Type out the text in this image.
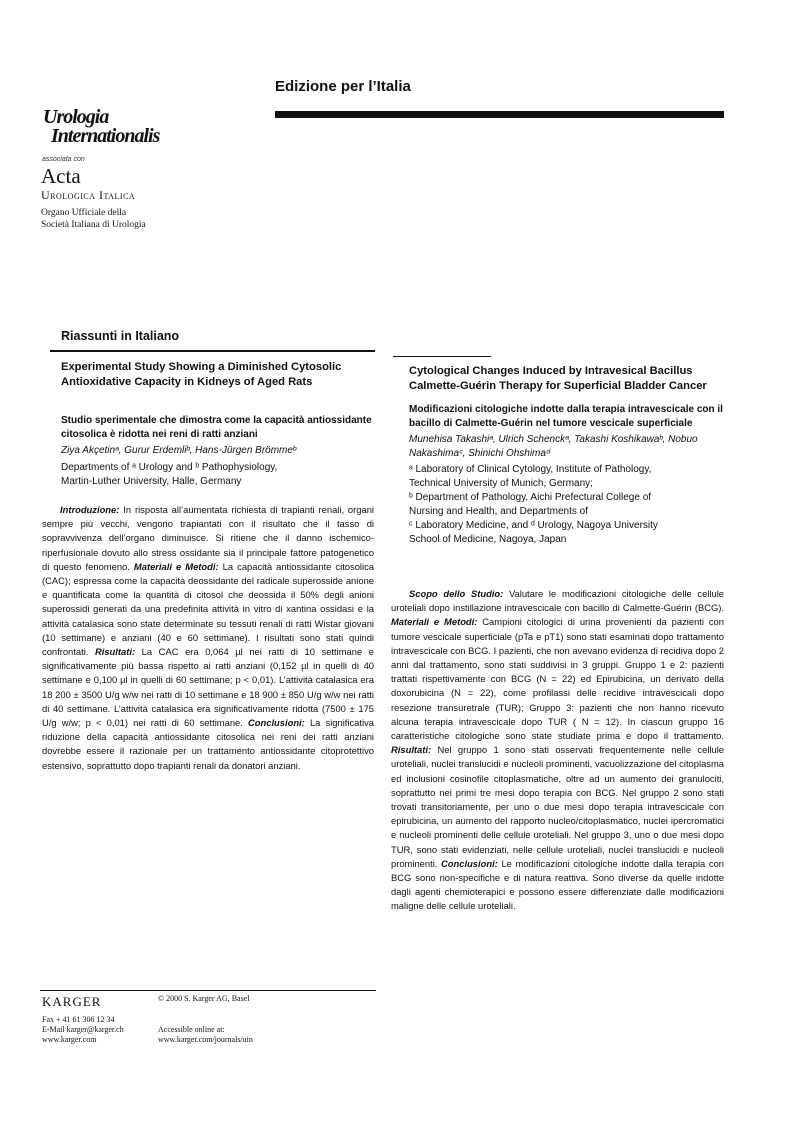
Edizione per l’Italia
Urologia
Internationalis
associata con
Acta
Urologica Italica
Organo Ufficiale della
Società Italiana di Urologia
Riassunti in Italiano
Experimental Study Showing a Diminished Cytosolic Antioxidative Capacity in Kidneys of Aged Rats
Studio sperimentale che dimostra come la capacità antiossidante citosolica è ridotta nei reni di ratti anziani
Ziya Akçetinᵃ, Gurur Erdemliᵇ, Hans-Jürgen Brömmeᵇ
Departments of ᵃ Urology and ᵇ Pathophysiology,
Martin-Luther University, Halle, Germany
Introduzione: In risposta all’aumentata richiesta di trapianti renali, organi sempre più vecchi, vengono trapiantati con il risultato che il tasso di sopravvivenza dell’organo diminuisce. Si ritiene che il danno ischemico-riperfusionale dovuto allo stress ossidante sia il principale fattore patogenetico di questo fenomeno. Materiali e Metodi: La capacità antiossidante citosolica (CAC); espressa come la capacità deossidante del radicale superosside anione e quantificata come la quantità di citosol che deossida il 50% degli anioni superossidi generati da una predefinita attività in vitro di xantina ossidasi e la attività catalasica sono state determinate su tessuti renali di ratti Wistar giovani (10 settimane) e anziani (40 e 60 settimane). I risultati sono stati quindi confrontati. Risultati: La CAC era 0,064 µl nei ratti di 10 settimane e significativamente più bassa rispetto ai ratti anziani (0,152 µl in quelli di 40 settimane e 0,100 µl in quelli di 60 settimane; p < 0,01). L’attività catalasica era 18 200 ± 3500 U/g w/w nei ratti di 10 settimane e 18 900 ± 850 U/g w/w nei ratti di 40 settimane. L’attività catalasica era significativamente ridotta (7500 ± 175 U/g w/w; p < 0,01) nei ratti di 60 settimane. Conclusioni: La significativa riduzione della capacità antiossidante citosolica nei reni dei ratti anziani dovrebbe essere il razionale per un trattamento antiossidante citoprotettivo estensivo, soprattutto dopo trapianti renali da donatori anziani.
Cytological Changes Induced by Intravesical Bacillus Calmette-Guérin Therapy for Superficial Bladder Cancer
Modificazioni citologiche indotte dalla terapia intravescicale con il bacillo di Calmette-Guérin nel tumore vescicale superficiale
Munehisa Takashiᵃ, Ulrich Schenckᵃ, Takashi Koshikawaᵇ, Nobuo Nakashimaᶜ, Shinichi Ohshimaᵈ
ᵃ Laboratory of Clinical Cytology, Institute of Pathology,
Technical University of Munich, Germany;
ᵇ Department of Pathology, Aichi Prefectural College of
Nursing and Health, and Departments of
ᶜ Laboratory Medicine, and ᵈ Urology, Nagoya University
School of Medicine, Nagoya, Japan
Scopo dello Studio: Valutare le modificazioni citologiche delle cellule uroteliali dopo instillazione intravescicale con bacillo di Calmette-Guérin (BCG). Materiali e Metodi: Campioni citologici di urina provenienti da pazienti con tumore vescicale superficiale (pTa e pT1) sono stati esaminati dopo trattamento intravescicale con BCG. I pazienti, che non avevano evidenza di recidiva dopo 2 anni dal trattamento, sono stati suddivisi in 3 gruppi. Gruppo 1 e 2: pazienti trattati rispettivamente con BCG (N = 22) ed Epirubicina, un derivato della doxorubicina (N = 22), come profilassi delle recidive intravescicali dopo resezione transuretrale (TUR); Gruppo 3: pazienti che non hanno ricevuto alcuna terapia intravescicale dopo TUR ( N = 12). In ciascun gruppo 16 caratteristiche citologiche sono state studiate prima e dopo il trattamento. Risultati: Nel gruppo 1 sono stati osservati frequentemente nelle cellule uroteliali, nuclei translucidi e nucleoli prominenti, vacuolizzazione del citoplasma ed inclusioni cosinofile citoplasmatiche, oltre ad un aumento dei granulociti, soprattutto nei primi tre mesi dopo terapia con BCG. Nel gruppo 2 sono stati trovati transitoriamente, per uno o due mesi dopo terapia intravescicale con epirubicina, un aumento del rapporto nucleo/citoplasmatico, nuclei ipercromatici e nucleoli prominenti delle cellule uroteliali. Nel gruppo 3, uno o due mesi dopo TUR, sono stati evidenziati, nelle cellule uroteliali, nuclei translucidi e nucleoli prominenti. Conclusioni: Le modificazioni citologiche indotte dalla terapia con BCG sono non-specifiche e di natura reattiva. Sono diverse da quelle indotte dagli agenti chemioterapici e possono essere differenziate dalle modificazioni maligne delle cellule uroteliali.
KARGER	© 2000 S. Karger AG, Basel
Fax + 41 61 306 12 34
E-Mail karger@karger.ch
www.karger.com
Accessible online at:
www.karger.com/journals/uin
